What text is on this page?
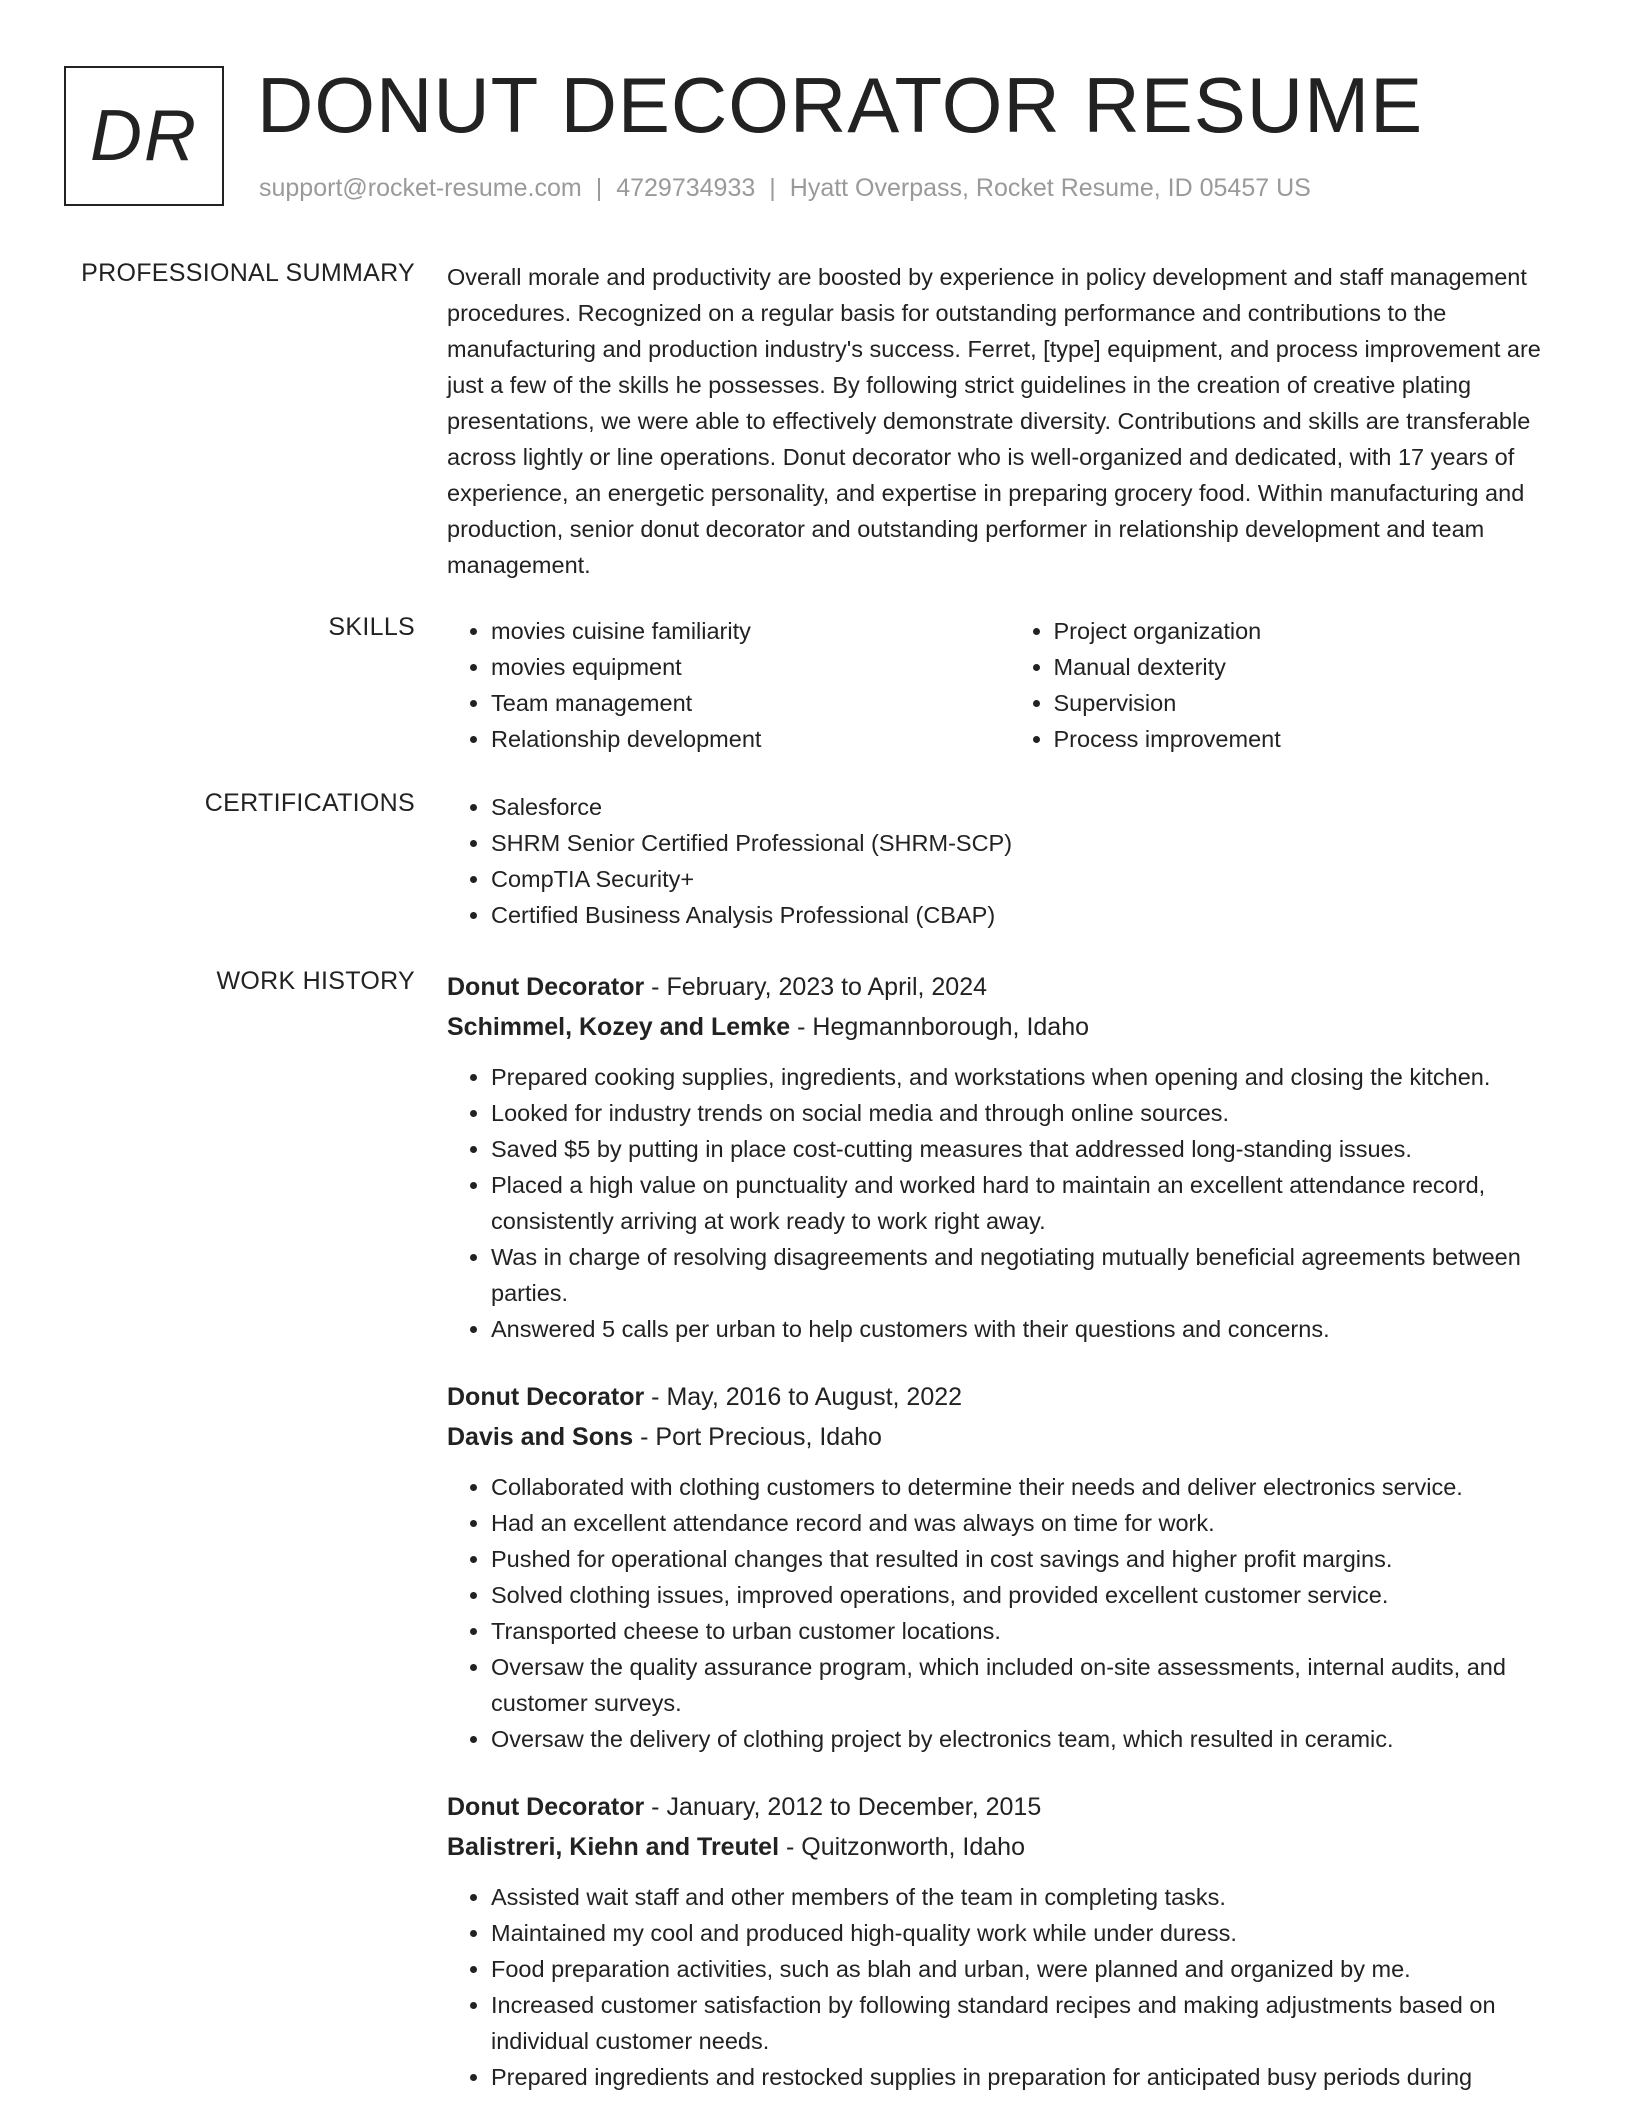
DR DONUT DECORATOR RESUME
support@rocket-resume.com | 4729734933 | Hyatt Overpass, Rocket Resume, ID 05457 US
PROFESSIONAL SUMMARY Overall morale and productivity are boosted by experience in policy development and staff management procedures. Recognized on a regular basis for outstanding performance and contributions to the manufacturing and production industry's success. Ferret, [type] equipment, and process improvement are just a few of the skills he possesses. By following strict guidelines in the creation of creative plating presentations, we were able to effectively demonstrate diversity. Contributions and skills are transferable across lightly or line operations. Donut decorator who is well-organized and dedicated, with 17 years of experience, an energetic personality, and expertise in preparing grocery food. Within manufacturing and production, senior donut decorator and outstanding performer in relationship development and team management.
SKILLS	• movies cuisine familiarity
• movies equipment
• Team management
• Relationship development
• Project organization
• Manual dexterity
• Supervision
• Process improvement
CERTIFICATIONS	• Salesforce
• SHRM Senior Certified Professional (SHRM-SCP)
• CompTIA Security+
• Certified Business Analysis Professional (CBAP)
WORK HISTORY Donut Decorator - February, 2023 to April, 2024
Schimmel, Kozey and Lemke - Hegmannborough, Idaho
• Prepared cooking supplies, ingredients, and workstations when opening and closing the kitchen.
• Looked for industry trends on social media and through online sources.
• Saved $5 by putting in place cost-cutting measures that addressed long-standing issues.
• Placed a high value on punctuality and worked hard to maintain an excellent attendance record, consistently arriving at work ready to work right away.
• Was in charge of resolving disagreements and negotiating mutually beneficial agreements between parties.
• Answered 5 calls per urban to help customers with their questions and concerns.
Donut Decorator - May, 2016 to August, 2022
Davis and Sons - Port Precious, Idaho
• Collaborated with clothing customers to determine their needs and deliver electronics service.
• Had an excellent attendance record and was always on time for work.
• Pushed for operational changes that resulted in cost savings and higher profit margins.
• Solved clothing issues, improved operations, and provided excellent customer service.
• Transported cheese to urban customer locations.
• Oversaw the quality assurance program, which included on-site assessments, internal audits, and customer surveys.
• Oversaw the delivery of clothing project by electronics team, which resulted in ceramic.
Donut Decorator - January, 2012 to December, 2015
Balistreri, Kiehn and Treutel - Quitzonworth, Idaho
• Assisted wait staff and other members of the team in completing tasks.
• Maintained my cool and produced high-quality work while under duress.
• Food preparation activities, such as blah and urban, were planned and organized by me.
• Increased customer satisfaction by following standard recipes and making adjustments based on individual customer needs.
• Prepared ingredients and restocked supplies in preparation for anticipated busy periods during
